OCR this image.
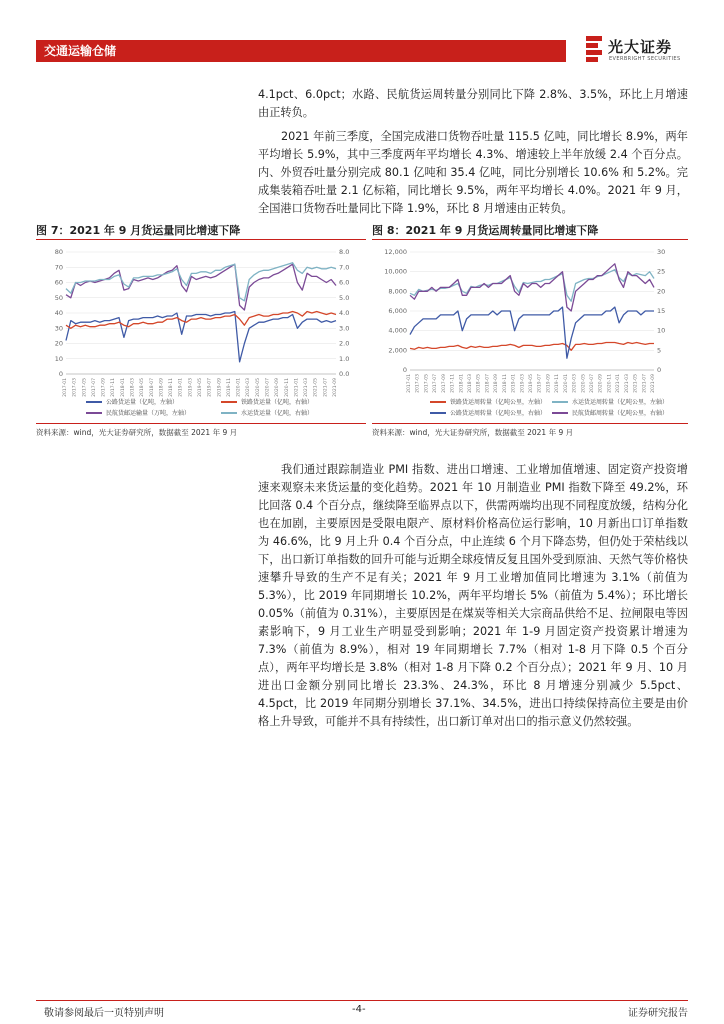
交通运输仓储	光大证券
EVERBRIGHT SECURITIES
4.1pct、6.0pct；水路、民航货运周转量分别同比下降 2.8%、3.5%，环比上月增速由正转负。
2021 年前三季度，全国完成港口货物吞吐量 115.5 亿吨，同比增长 8.9%，两年平均增长 5.9%，其中三季度两年平均增长 4.3%、增速较上半年放缓 2.4 个百分点。内、外贸吞吐量分别完成 80.1 亿吨和 35.4 亿吨，同比分别增长 10.6% 和 5.2%。完成集装箱吞吐量 2.1 亿标箱，同比增长 9.5%，两年平均增长 4.0%。2021 年 9 月，全国港口货物吞吐量同比下降 1.9%，环比 8 月增速由正转负。
图 7：2021 年 9 月货运量同比增速下降	图 8：2021 年 9 月货运周转量同比增速下降
0
10
20
30
40
50
60
70
80
0.0
1.0
2.0
3.0
4.0
5.0
6.0
7.0
8.0
2017-01 2017-03 2017-05 2017-07 2017-09 2017-11 2018-01 2018-03 2018-05 2018-07 2018-09 2018-11 2019-01 2019-03 2019-05 2019-07 2019-09 2019-11 2020-01 2020-03 2020-05 2020-07 2020-09 2020-11 2021-01 2021-03 2021-05 2021-07 2021-09
公路货运量（亿吨，左轴）	铁路货运量（亿吨，右轴）
民航货邮运输量（万吨，左轴）	水运货运量（亿吨，右轴）
0
2,000
4,000
6,000
8,000
10,000
12,000
0
5
10
15
20
25
30
2017-01 2017-03 2017-05 2017-07 2017-09 2017-11 2018-01 2018-03 2018-05 2018-07 2018-09 2018-11 2019-01 2019-03 2019-05 2019-07 2019-09 2019-11 2020-01 2020-03 2020-05 2020-07 2020-09 2020-11 2021-01 2021-03 2021-05 2021-07 2021-09
铁路货运周转量（亿吨公里，左轴）	水运货运周转量（亿吨公里，左轴）
公路货运周转量（亿吨公里，右轴）	民航货邮周转量（亿吨公里，右轴）
资料来源：wind，光大证券研究所，数据截至 2021 年 9 月	资料来源：wind，光大证券研究所，数据截至 2021 年 9 月
我们通过跟踪制造业 PMI 指数、进出口增速、工业增加值增速、固定资产投资增速来观察未来货运量的变化趋势。2021 年 10 月制造业 PMI 指数下降至 49.2%，环比回落 0.4 个百分点，继续降至临界点以下，供需两端均出现不同程度放缓，结构分化也在加剧，主要原因是受限电限产、原材料价格高位运行影响，10 月新出口订单指数为 46.6%，比 9 月上升 0.4 个百分点，中止连续 6 个月下降态势，但仍处于荣枯线以下，出口新订单指数的回升可能与近期全球疫情反复且国外受到原油、天然气等价格快速攀升导致的生产不足有关；2021 年 9 月工业增加值同比增速为 3.1%（前值为 5.3%），比 2019 年同期增长 10.2%，两年平均增长 5%（前值为 5.4%）；环比增长 0.05%（前值为 0.31%），主要原因是在煤炭等相关大宗商品供给不足、拉闸限电等因素影响下，9 月工业生产明显受到影响；2021 年 1-9 月固定资产投资累计增速为 7.3%（前值为 8.9%），相对 19 年同期增长 7.7%（相对 1-8 月下降 0.5 个百分点），两年平均增长是 3.8%（相对 1-8 月下降 0.2 个百分点）；2021 年 9 月、10 月进出口金额分别同比增长 23.3%、24.3%，环比 8 月增速分别减少 5.5pct、4.5pct，比 2019 年同期分别增长 37.1%、34.5%，进出口持续保持高位主要是由价格上升导致，可能并不具有持续性，出口新订单对出口的指示意义仍然较强。
敬请参阅最后一页特别声明	-4-	证券研究报告
